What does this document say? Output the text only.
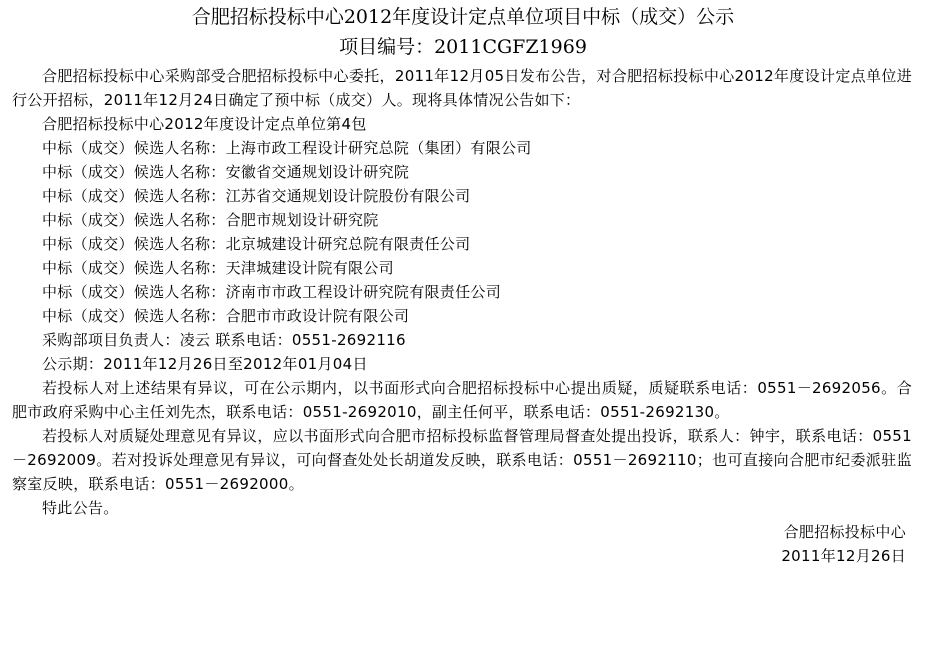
合肥招标投标中心2012年度设计定点单位项目中标（成交）公示
项目编号：2011CGFZ1969

合肥招标投标中心采购部受合肥招标投标中心委托，2011年12月05日发布公告，对合肥招标投标中心2012年度设计定点单位进行公开招标，2011年12月24日确定了预中标（成交）人。现将具体情况公告如下：

合肥招标投标中心2012年度设计定点单位第4包

中标（成交）候选人名称：上海市政工程设计研究总院（集团）有限公司

中标（成交）候选人名称：安徽省交通规划设计研究院

中标（成交）候选人名称：江苏省交通规划设计院股份有限公司

中标（成交）候选人名称：合肥市规划设计研究院

中标（成交）候选人名称：北京城建设计研究总院有限责任公司

中标（成交）候选人名称：天津城建设计院有限公司

中标（成交）候选人名称：济南市市政工程设计研究院有限责任公司

中标（成交）候选人名称：合肥市市政设计院有限公司

采购部项目负责人：凌云 联系电话：0551-2692116

公示期：2011年12月26日至2012年01月04日

若投标人对上述结果有异议，可在公示期内，以书面形式向合肥招标投标中心提出质疑，质疑联系电话：0551－2692056。合肥市政府采购中心主任刘先杰，联系电话：0551-2692010，副主任何平，联系电话：0551-2692130。

若投标人对质疑处理意见有异议，应以书面形式向合肥市招标投标监督管理局督查处提出投诉，联系人：钟宇，联系电话：0551－2692009。若对投诉处理意见有异议，可向督查处处长胡道发反映，联系电话：0551－2692110；也可直接向合肥市纪委派驻监察室反映，联系电话：0551－2692000。

特此公告。

合肥招标投标中心

2011年12月26日
